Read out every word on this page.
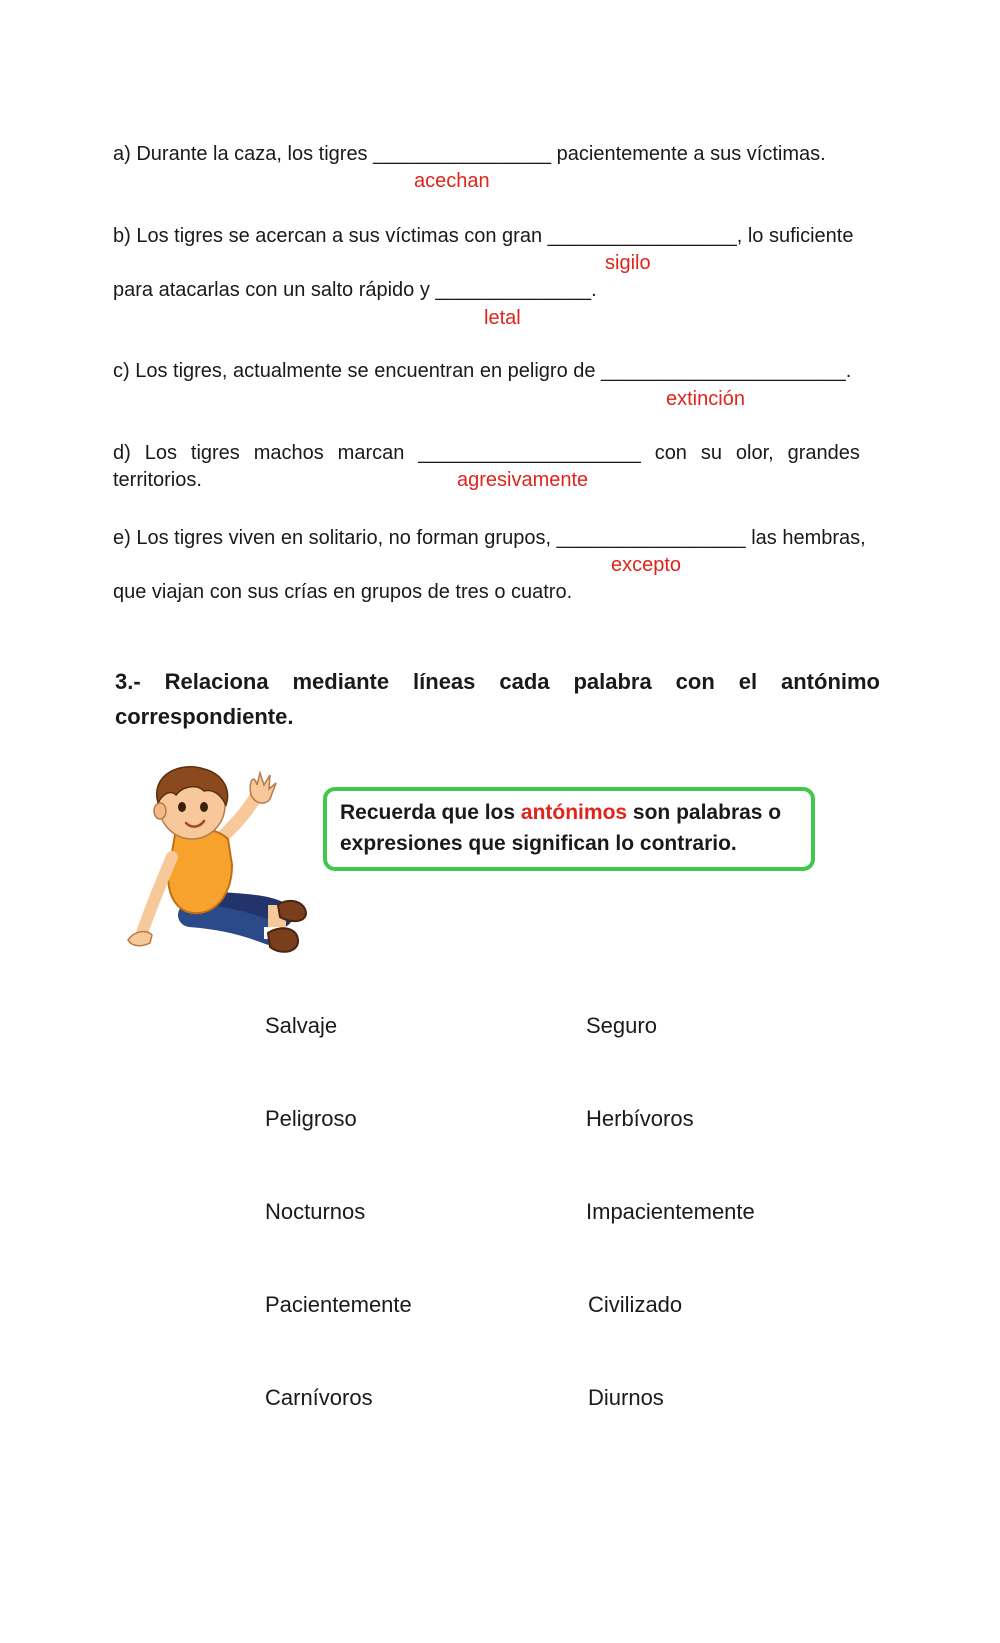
a) Durante la caza, los tigres ________________ pacientemente a sus víctimas.
acechan
b) Los tigres se acercan a sus víctimas con gran _________________, lo suficiente
sigilo
para atacarlas con un salto rápido y ______________.
letal
c) Los tigres, actualmente se encuentran en peligro de ______________________.
extinción
d) Los tigres machos marcan ____________________ con su olor, grandes
territorios.	agresivamente
e) Los tigres viven en solitario, no forman grupos, _________________ las hembras,
excepto
que viajan con sus crías en grupos de tres o cuatro.
3.- Relaciona mediante líneas cada palabra con el antónimo
correspondiente.
Recuerda que los antónimos son palabras o expresiones que significan lo contrario.
Salvaje
Peligroso
Nocturnos
Pacientemente
Carnívoros
Seguro
Herbívoros
Impacientemente
Civilizado
Diurnos
